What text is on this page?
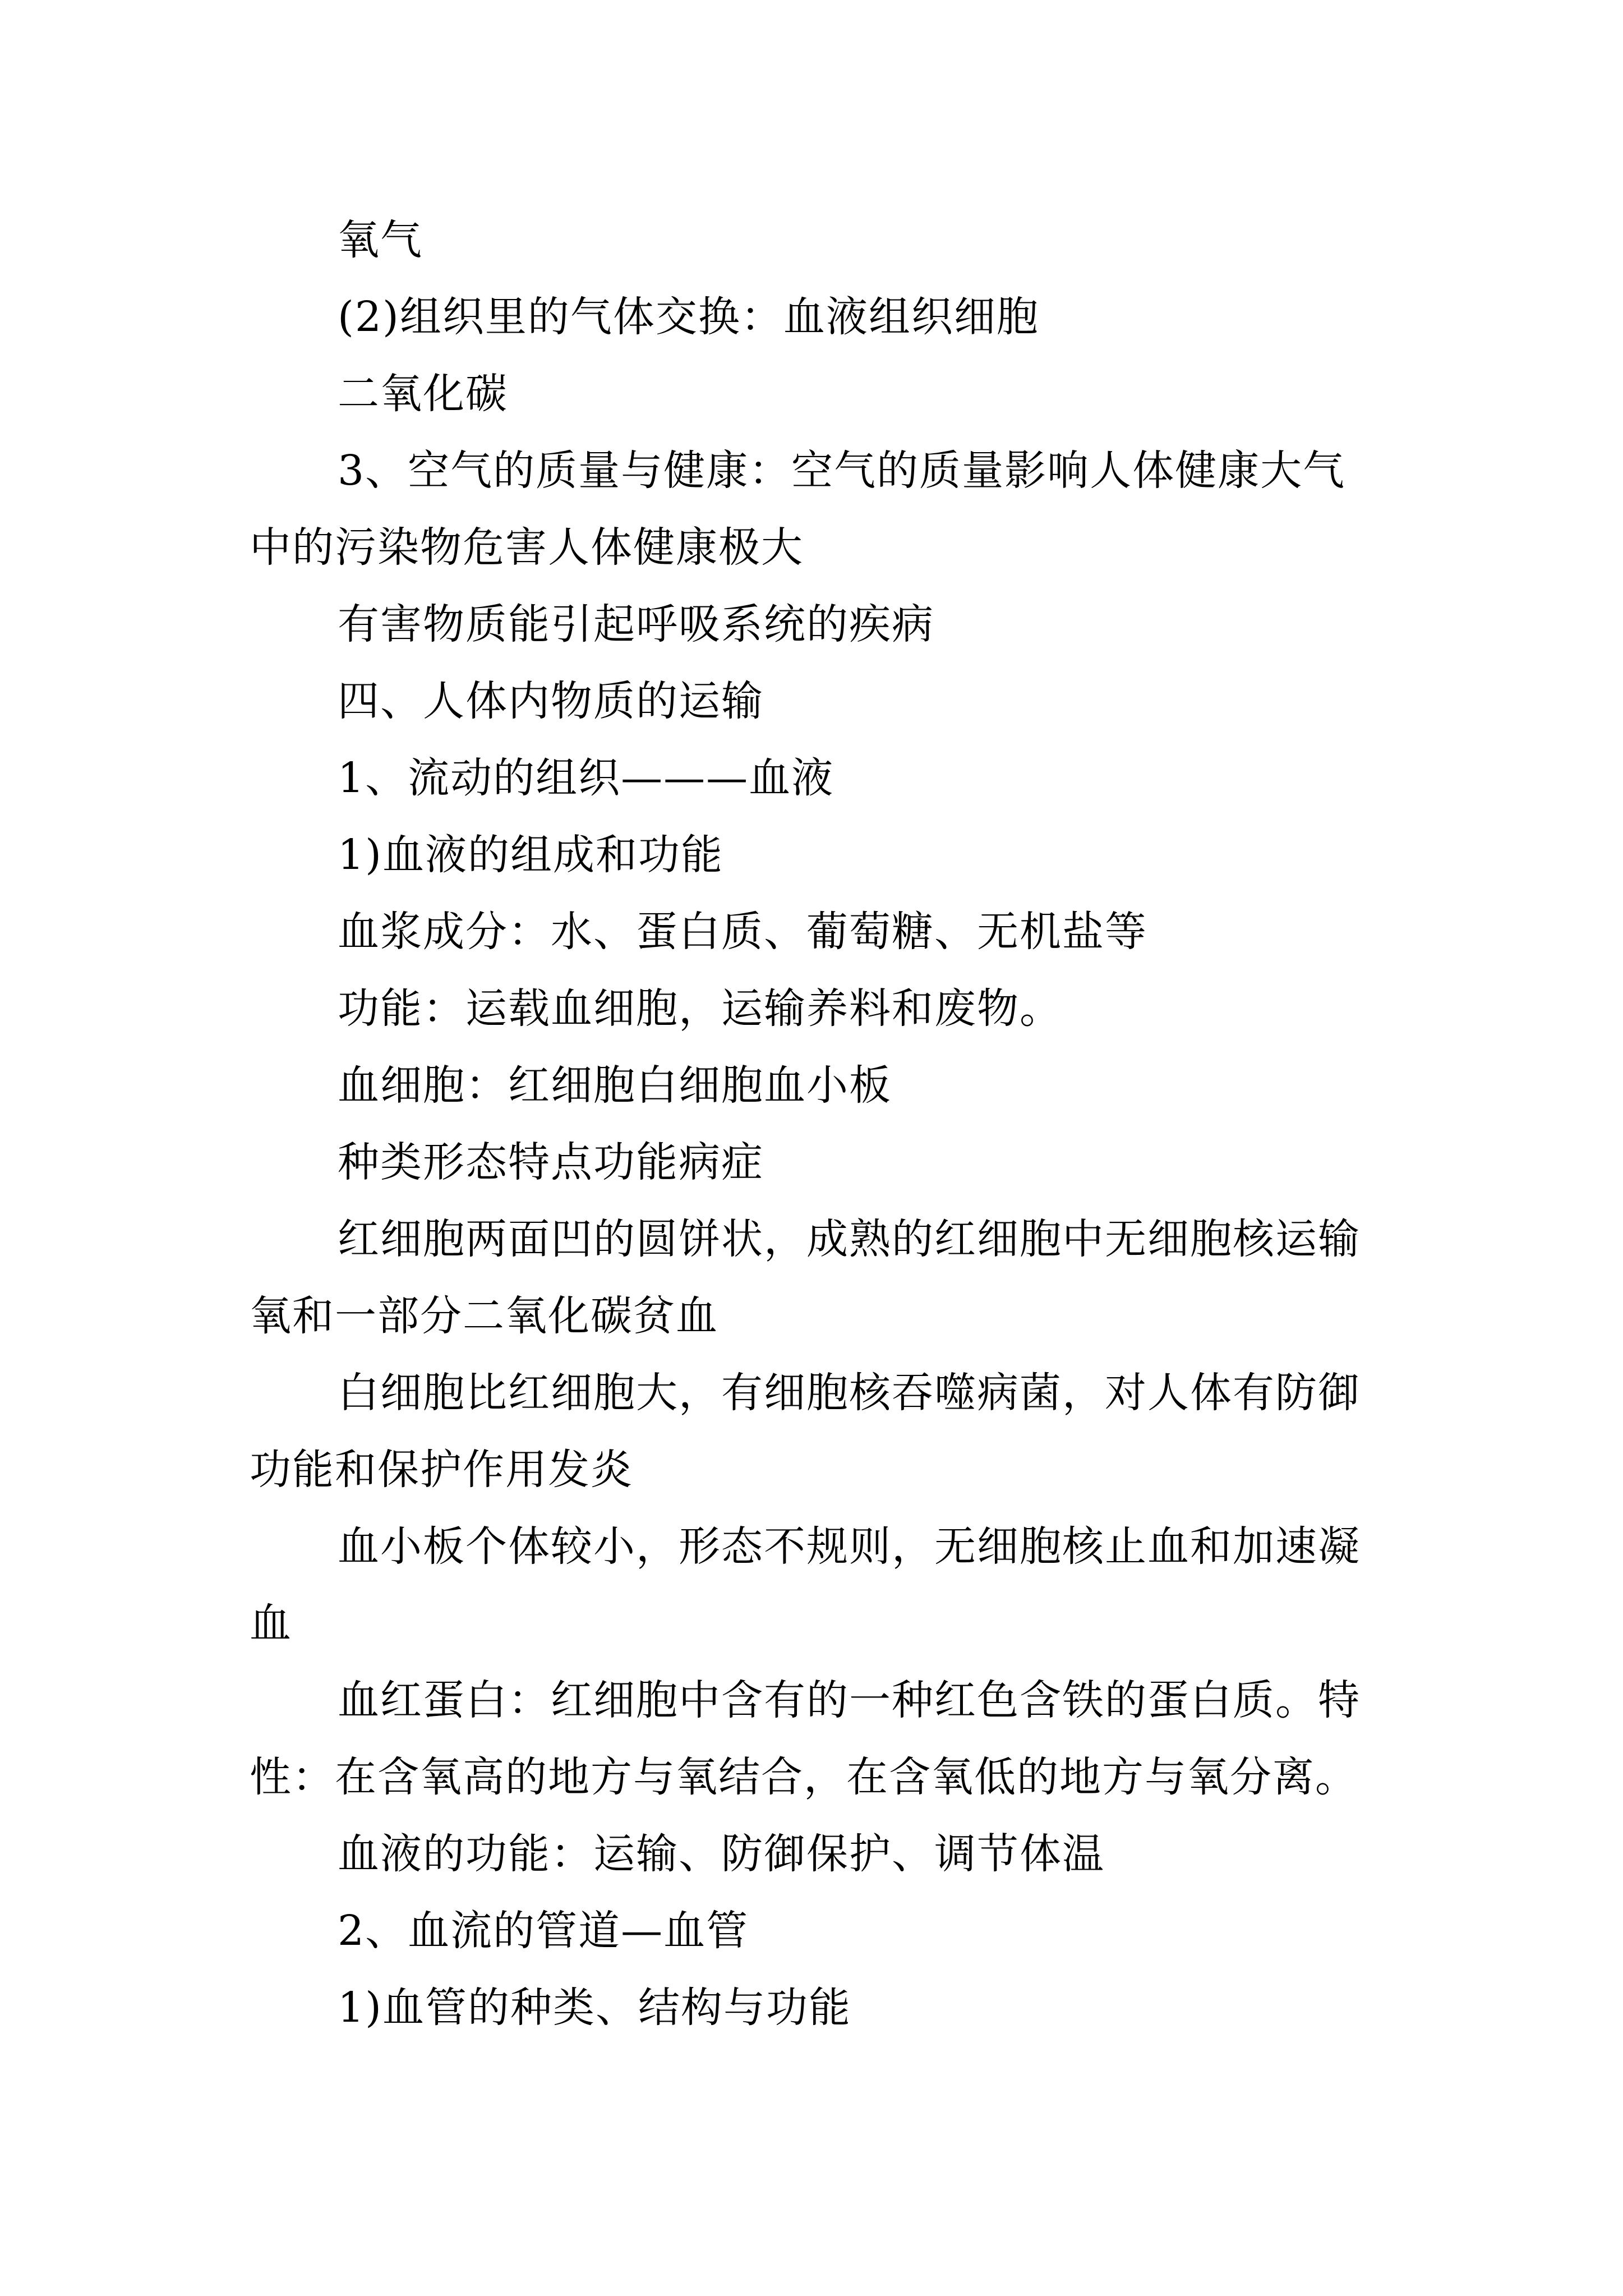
氧气

(2)组织里的气体交换：血液组织细胞

二氧化碳

3、空气的质量与健康：空气的质量影响人体健康大气中的污染物危害人体健康极大

有害物质能引起呼吸系统的疾病

四、人体内物质的运输

1、流动的组织———血液

1)血液的组成和功能

血浆成分：水、蛋白质、葡萄糖、无机盐等

功能：运载血细胞，运输养料和废物。

血细胞：红细胞白细胞血小板

种类形态特点功能病症

红细胞两面凹的圆饼状，成熟的红细胞中无细胞核运输氧和一部分二氧化碳贫血

白细胞比红细胞大，有细胞核吞噬病菌，对人体有防御功能和保护作用发炎

血小板个体较小，形态不规则，无细胞核止血和加速凝血

血红蛋白：红细胞中含有的一种红色含铁的蛋白质。特性：在含氧高的地方与氧结合，在含氧低的地方与氧分离。

血液的功能：运输、防御保护、调节体温

2、血流的管道—血管

1)血管的种类、结构与功能
